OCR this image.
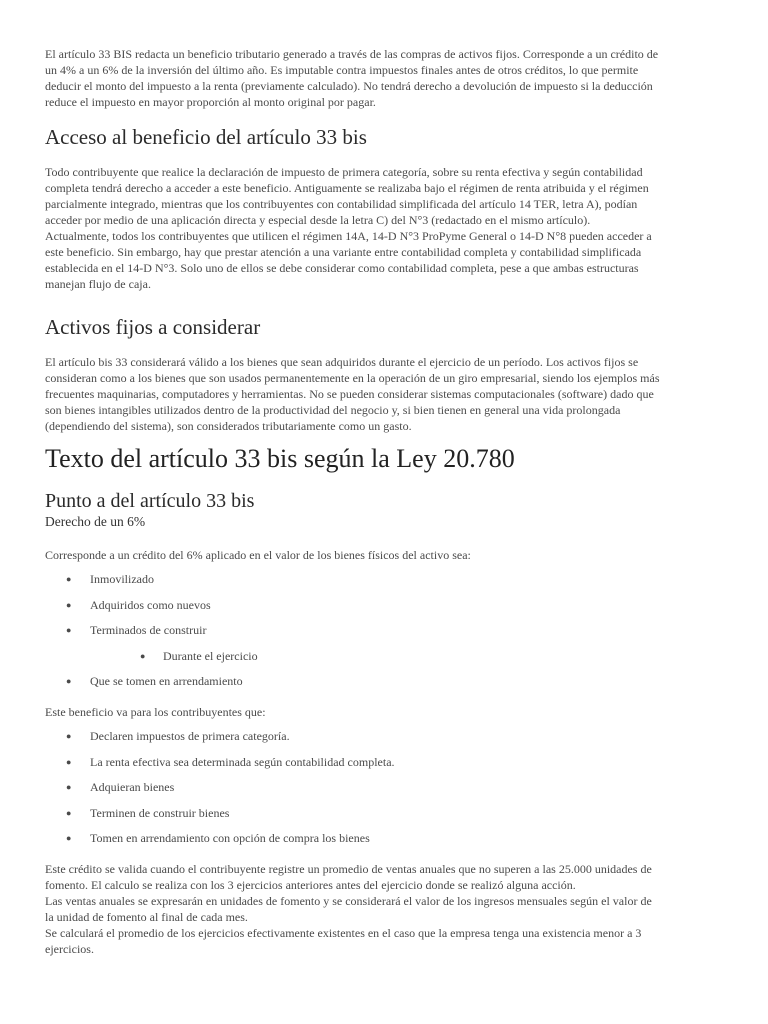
El artículo 33 BIS redacta un beneficio tributario generado a través de las compras de activos fijos. Corresponde a un crédito de
un 4% a un 6% de la inversión del último año. Es imputable contra impuestos finales antes de otros créditos, lo que permite
deducir el monto del impuesto a la renta (previamente calculado). No tendrá derecho a devolución de impuesto si la deducción
reduce el impuesto en mayor proporción al monto original por pagar.

Acceso al beneficio del artículo 33 bis

Todo contribuyente que realice la declaración de impuesto de primera categoría, sobre su renta efectiva y según contabilidad
completa tendrá derecho a acceder a este beneficio. Antiguamente se realizaba bajo el régimen de renta atribuida y el régimen
parcialmente integrado, mientras que los contribuyentes con contabilidad simplificada del artículo 14 TER, letra A), podían
acceder por medio de una aplicación directa y especial desde la letra C) del N°3 (redactado en el mismo artículo).
Actualmente, todos los contribuyentes que utilicen el régimen 14A, 14-D N°3 ProPyme General o 14-D N°8 pueden acceder a
este beneficio. Sin embargo, hay que prestar atención a una variante entre contabilidad completa y contabilidad simplificada
establecida en el 14-D N°3. Solo uno de ellos se debe considerar como contabilidad completa, pese a que ambas estructuras
manejan flujo de caja.

Activos fijos a considerar

El artículo bis 33 considerará válido a los bienes que sean adquiridos durante el ejercicio de un período. Los activos fijos se
consideran como a los bienes que son usados permanentemente en la operación de un giro empresarial, siendo los ejemplos más
frecuentes maquinarias, computadores y herramientas. No se pueden considerar sistemas computacionales (software) dado que
son bienes intangibles utilizados dentro de la productividad del negocio y, si bien tienen en general una vida prolongada
(dependiendo del sistema), son considerados tributariamente como un gasto.

Texto del artículo 33 bis según la Ley 20.780
Punto a del artículo 33 bis
Derecho de un 6%

Corresponde a un crédito del 6% aplicado en el valor de los bienes físicos del activo sea:

● Inmovilizado
● Adquiridos como nuevos
● Terminados de construir
● Durante el ejercicio
● Que se tomen en arrendamiento

Este beneficio va para los contribuyentes que:

● Declaren impuestos de primera categoría.
● La renta efectiva sea determinada según contabilidad completa.
● Adquieran bienes
● Terminen de construir bienes
● Tomen en arrendamiento con opción de compra los bienes

Este crédito se valida cuando el contribuyente registre un promedio de ventas anuales que no superen a las 25.000 unidades de
fomento. El calculo se realiza con los 3 ejercicios anteriores antes del ejercicio donde se realizó alguna acción.
Las ventas anuales se expresarán en unidades de fomento y se considerará el valor de los ingresos mensuales según el valor de
la unidad de fomento al final de cada mes.
Se calculará el promedio de los ejercicios efectivamente existentes en el caso que la empresa tenga una existencia menor a 3
ejercicios.
